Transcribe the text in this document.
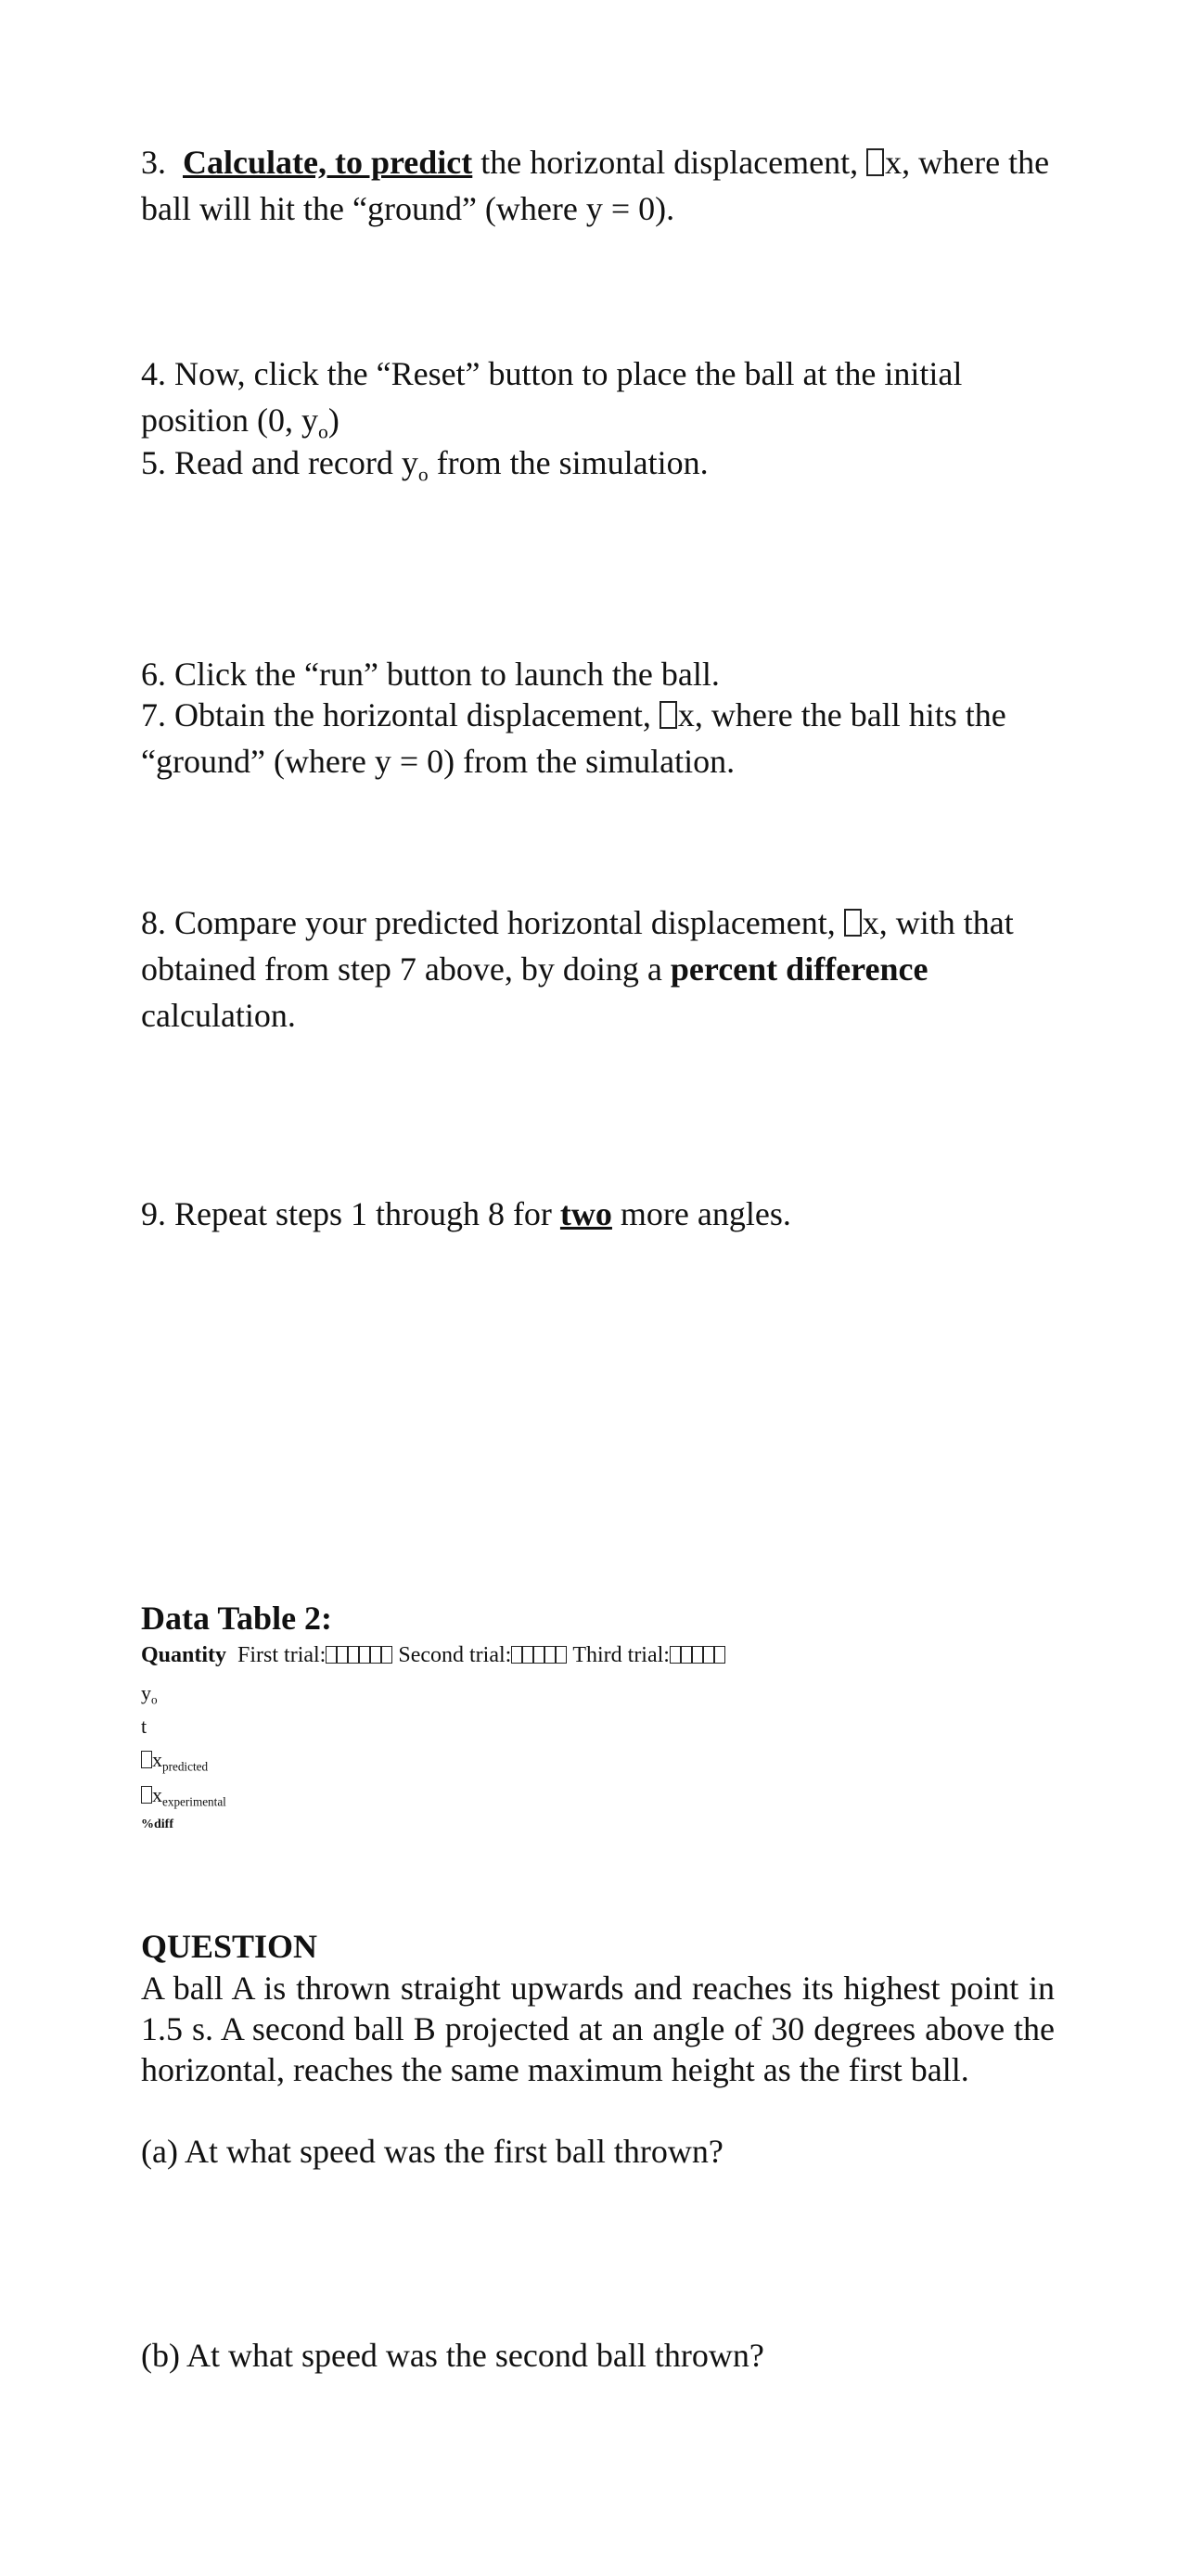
3. Calculate, to predict the horizontal displacement, x, where the ball will hit the “ground” (where y = 0).
4. Now, click the “Reset” button to place the ball at the initial position (0, $y_o$)
5. Read and record $y_o$ from the simulation.
6. Click the “run” button to launch the ball.
7. Obtain the horizontal displacement, x, where the ball hits the “ground” (where y = 0) from the simulation.
8. Compare your predicted horizontal displacement, x, with that obtained from step 7 above, by doing a percent difference calculation.
9. Repeat steps 1 through 8 for two more angles.
Data Table 2:
Quantity First trial:	Second trial:	Third trial:
$y_o$
t
$x_{predicted}$
$x_{experimental}$
%diff
QUESTION
A ball A is thrown straight upwards and reaches its highest point in 1.5 s. A second ball B projected at an angle of 30 degrees above the horizontal, reaches the same maximum height as the first ball.
(a) At what speed was the first ball thrown?
(b) At what speed was the second ball thrown?
